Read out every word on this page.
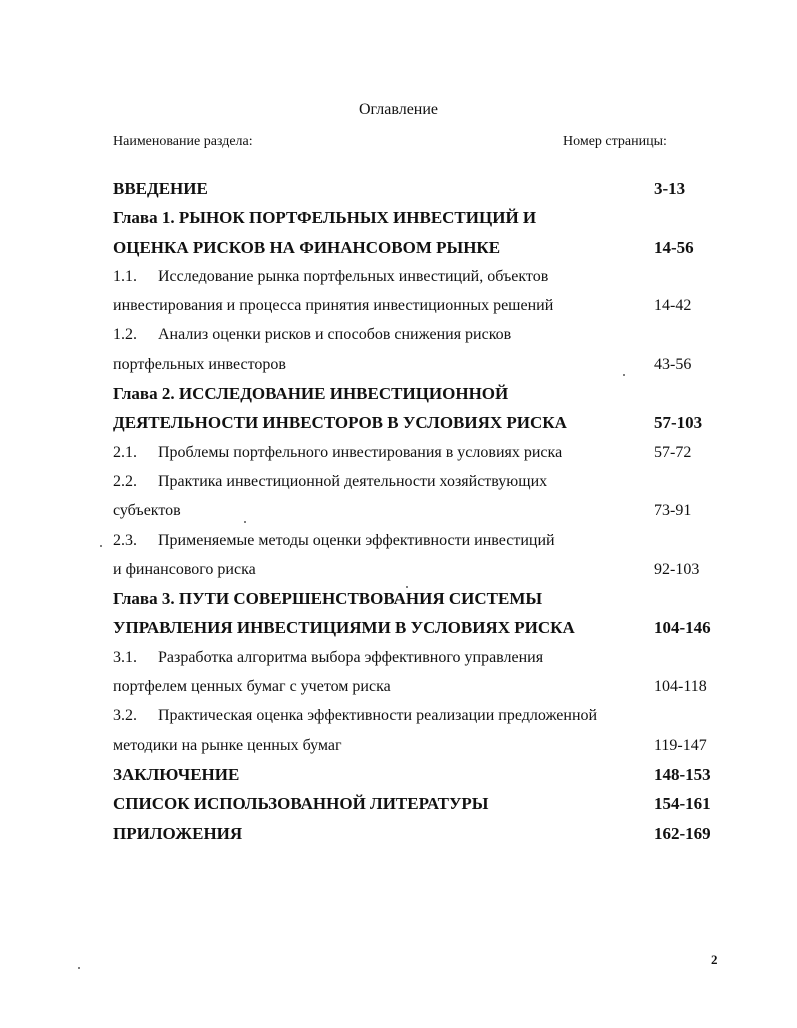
Оглавление
Наименование раздела:	Номер страницы:
ВВЕДЕНИЕ	3-13
Глава 1. РЫНОК ПОРТФЕЛЬНЫХ ИНВЕСТИЦИЙ И
ОЦЕНКА РИСКОВ НА ФИНАНСОВОМ РЫНКЕ	14-56
1.1. Исследование рынка портфельных инвестиций, объектов
инвестирования и процесса принятия инвестиционных решений	14-42
1.2. Анализ оценки рисков и способов снижения рисков
портфельных инвесторов	43-56
Глава 2. ИССЛЕДОВАНИЕ ИНВЕСТИЦИОННОЙ
ДЕЯТЕЛЬНОСТИ ИНВЕСТОРОВ В УСЛОВИЯХ РИСКА	57-103
2.1. Проблемы портфельного инвестирования в условиях риска	57-72
2.2. Практика инвестиционной деятельности хозяйствующих
субъектов	73-91
2.3. Применяемые методы оценки эффективности инвестиций
и финансового риска	92-103
Глава 3. ПУТИ СОВЕРШЕНСТВОВАНИЯ СИСТЕМЫ
УПРАВЛЕНИЯ ИНВЕСТИЦИЯМИ В УСЛОВИЯХ РИСКА	104-146
3.1. Разработка алгоритма выбора эффективного управления
портфелем ценных бумаг с учетом риска	104-118
3.2. Практическая оценка эффективности реализации предложенной
методики на рынке ценных бумаг	119-147
ЗАКЛЮЧЕНИЕ	148-153
СПИСОК ИСПОЛЬЗОВАННОЙ ЛИТЕРАТУРЫ	154-161
ПРИЛОЖЕНИЯ	162-169
2
